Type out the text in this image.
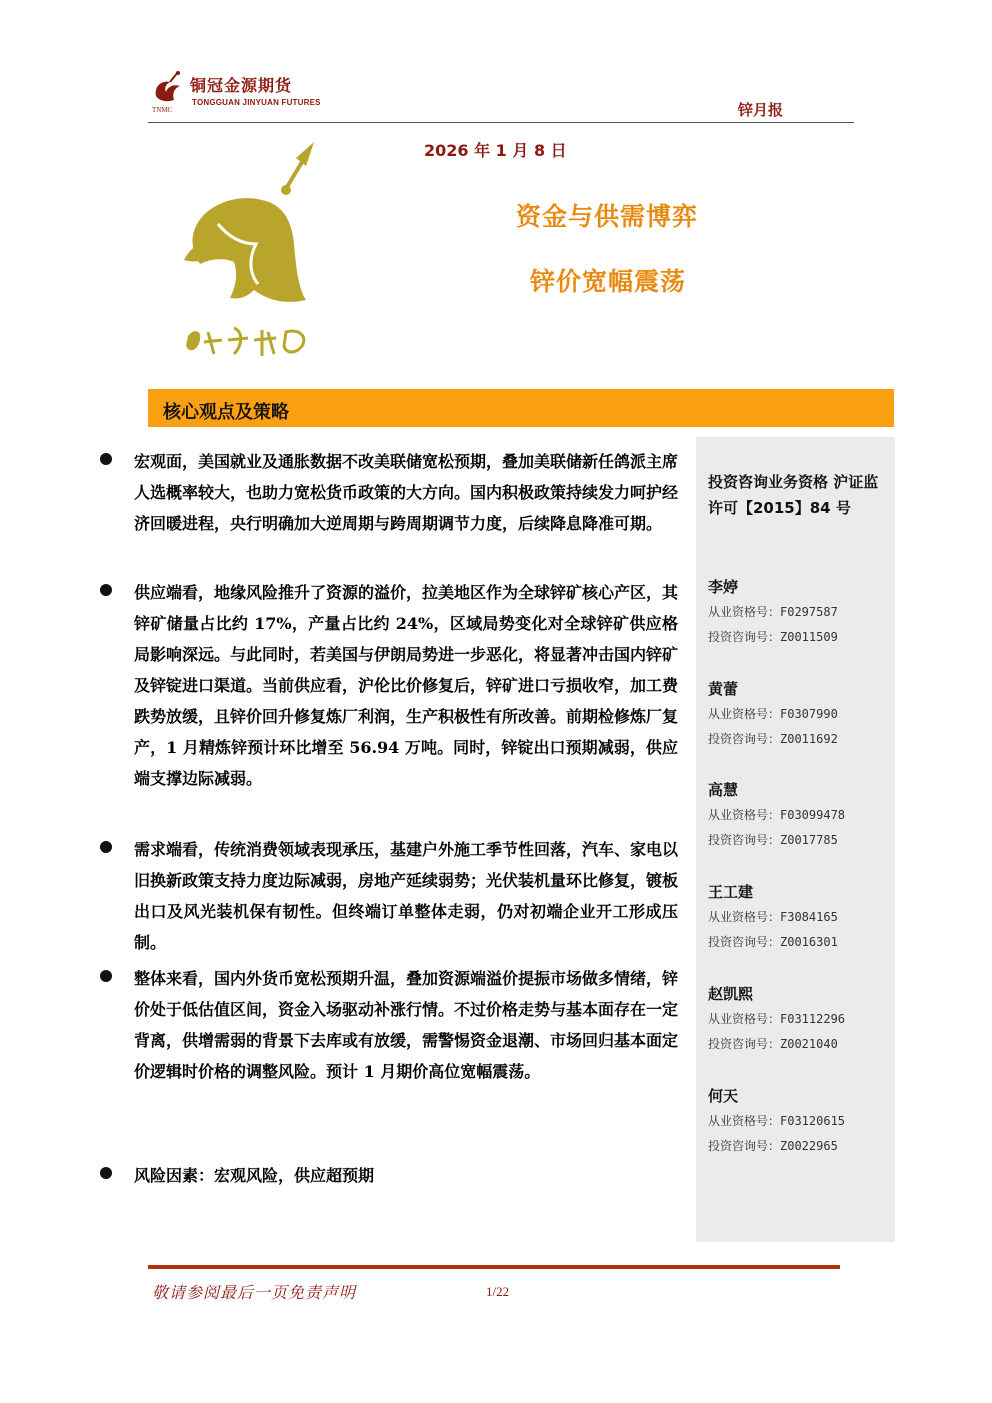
铜冠金源期货
TONGGUAN JINYUAN FUTURES
TNMC	锌月报
2026 年 1 月 8 日
资金与供需博弈
锌价宽幅震荡
核心观点及策略
宏观面，美国就业及通胀数据不改美联储宽松预期，叠加美联储新任鸽派主席人选概率较大，也助力宽松货币政策的大方向。国内积极政策持续发力呵护经济回暖进程，央行明确加大逆周期与跨周期调节力度，后续降息降准可期。
供应端看，地缘风险推升了资源的溢价，拉美地区作为全球锌矿核心产区，其锌矿储量占比约 17%，产量占比约 24%，区域局势变化对全球锌矿供应格局影响深远。与此同时，若美国与伊朗局势进一步恶化，将显著冲击国内锌矿及锌锭进口渠道。当前供应看，沪伦比价修复后，锌矿进口亏损收窄，加工费跌势放缓，且锌价回升修复炼厂利润，生产积极性有所改善。前期检修炼厂复产，1 月精炼锌预计环比增至 56.94 万吨。同时，锌锭出口预期减弱，供应端支撑边际减弱。
需求端看，传统消费领域表现承压，基建户外施工季节性回落，汽车、家电以旧换新政策支持力度边际减弱，房地产延续弱势；光伏装机量环比修复，镀板出口及风光装机保有韧性。但终端订单整体走弱，仍对初端企业开工形成压制。
整体来看，国内外货币宽松预期升温，叠加资源端溢价提振市场做多情绪，锌价处于低估值区间，资金入场驱动补涨行情。不过价格走势与基本面存在一定背离，供增需弱的背景下去库或有放缓，需警惕资金退潮、市场回归基本面定价逻辑时价格的调整风险。预计 1 月期价高位宽幅震荡。
风险因素：宏观风险，供应超预期
投资咨询业务资格 沪证监许可【2015】84 号
李婷
从业资格号：F0297587
投资咨询号：Z0011509
黄蕾
从业资格号：F0307990
投资咨询号：Z0011692
高慧
从业资格号：F03099478
投资咨询号：Z0017785
王工建
从业资格号：F3084165
投资咨询号：Z0016301
赵凯熙
从业资格号：F03112296
投资咨询号：Z0021040
何天
从业资格号：F03120615
投资咨询号：Z0022965
敬请参阅最后一页免责声明	1/22
